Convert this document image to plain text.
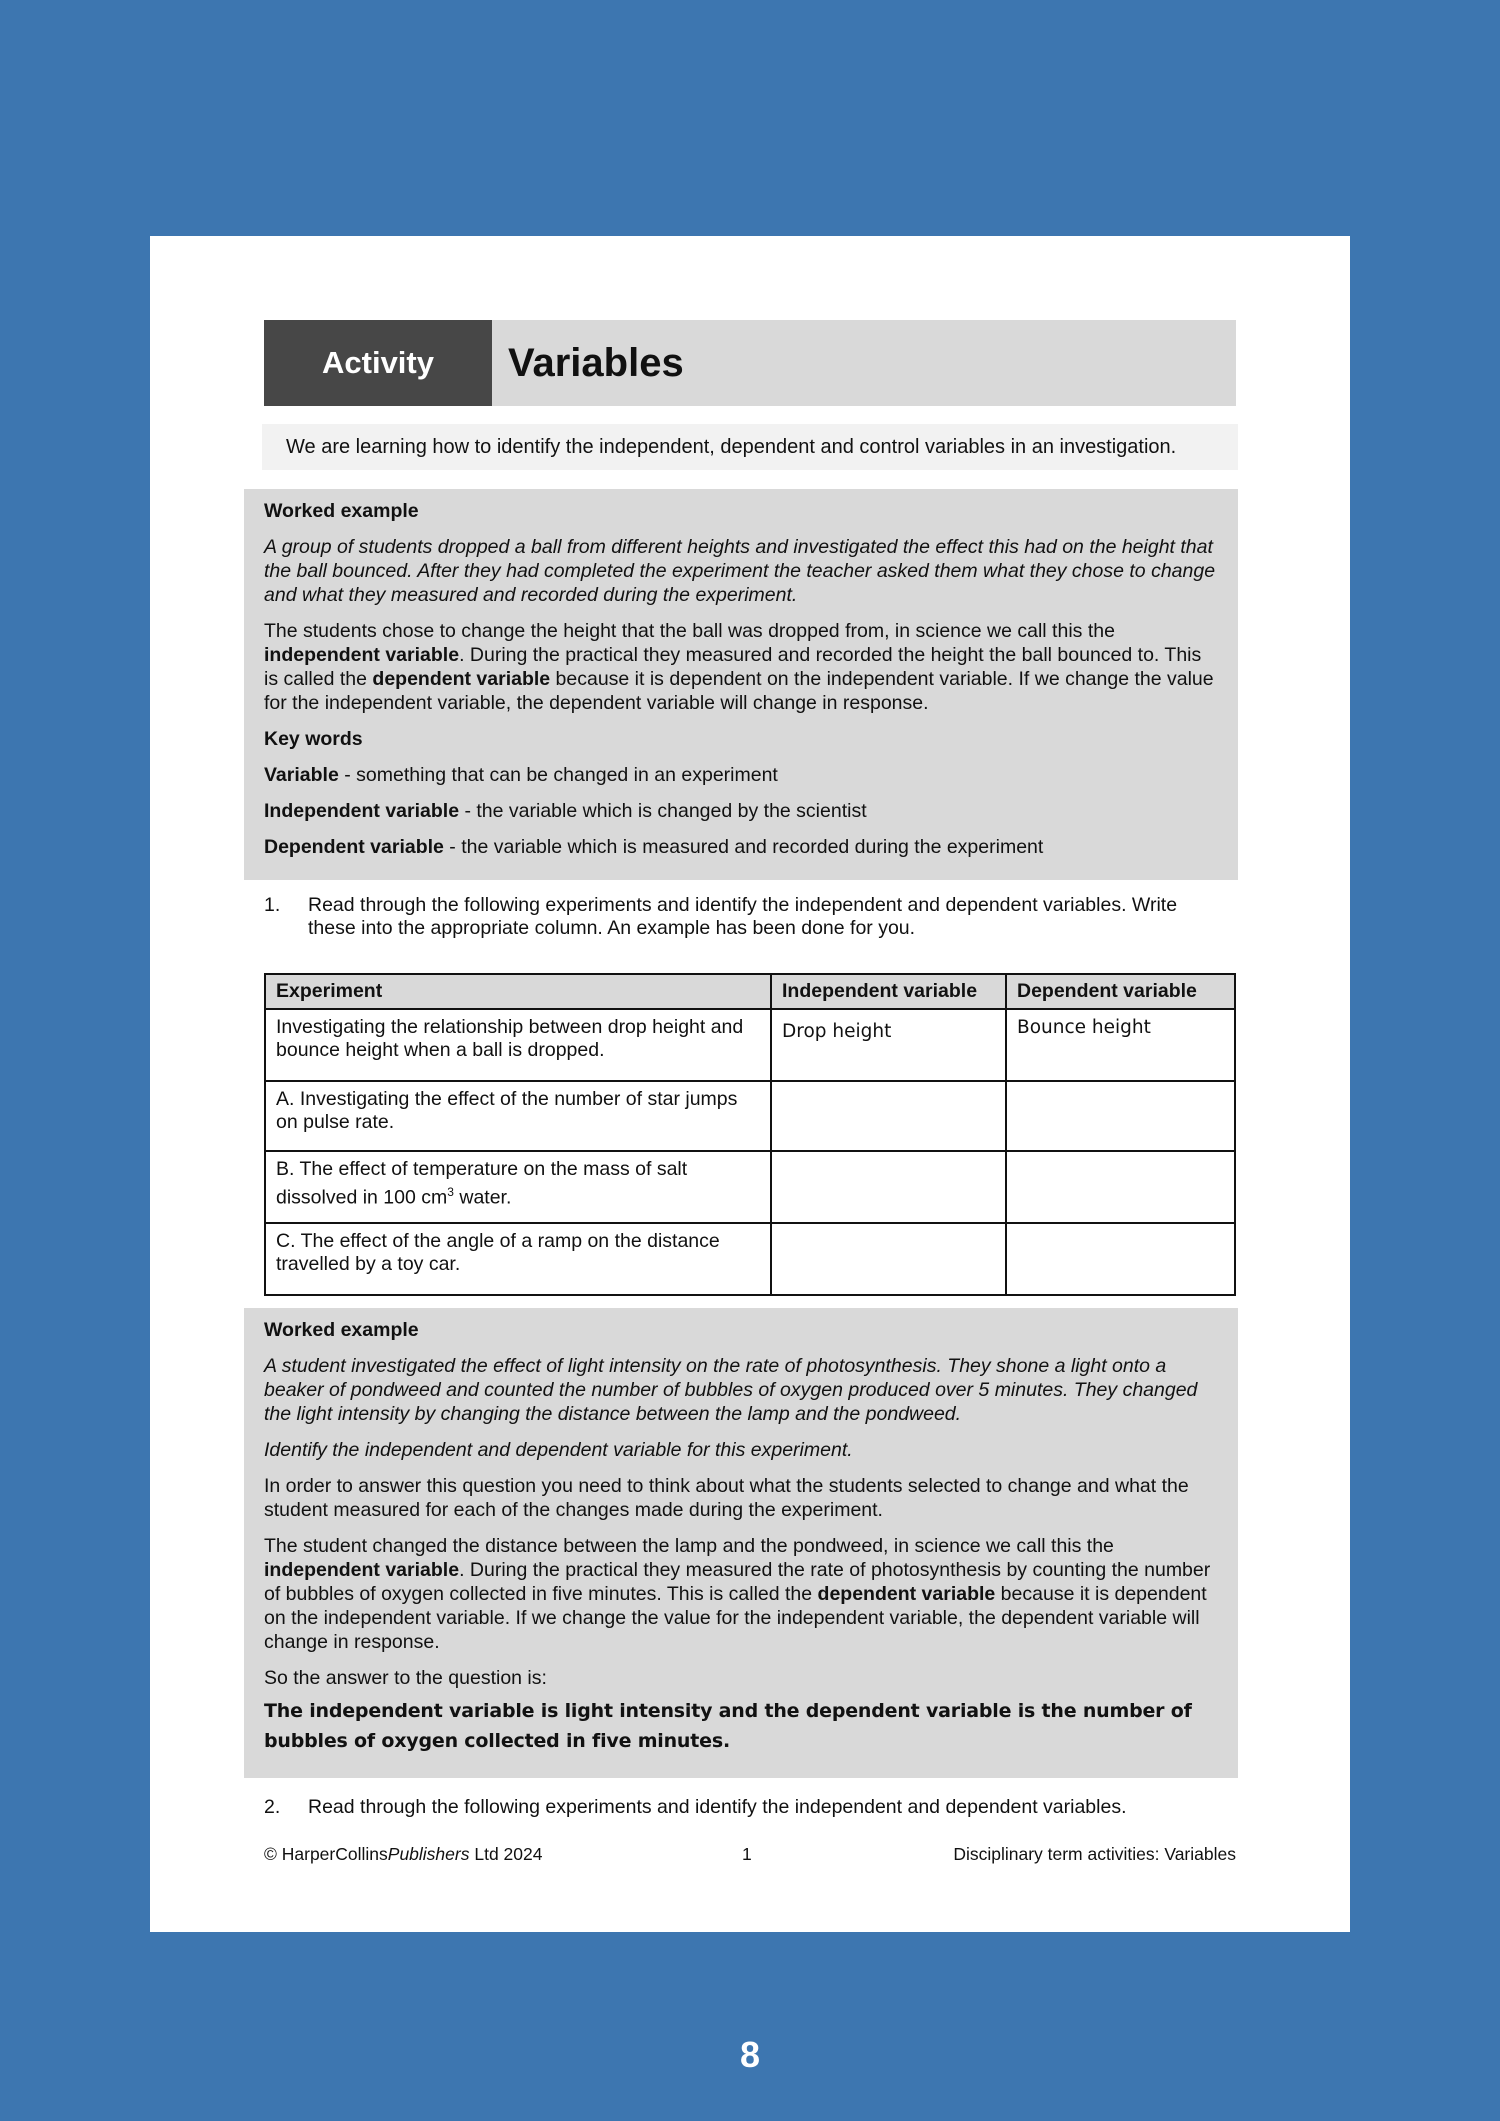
Activity	Variables
We are learning how to identify the independent, dependent and control variables in an investigation.

Worked example

A group of students dropped a ball from different heights and investigated the effect this had on the height that the ball bounced. After they had completed the experiment the teacher asked them what they chose to change and what they measured and recorded during the experiment.

The students chose to change the height that the ball was dropped from, in science we call this the independent variable. During the practical they measured and recorded the height the ball bounced to. This is called the dependent variable because it is dependent on the independent variable. If we change the value for the independent variable, the dependent variable will change in response.

Key words

Variable - something that can be changed in an experiment

Independent variable - the variable which is changed by the scientist

Dependent variable - the variable which is measured and recorded during the experiment

1.	Read through the following experiments and identify the independent and dependent variables. Write these into the appropriate column. An example has been done for you.
Experiment	Independent variable	Dependent variable
Investigating the relationship between drop height and bounce height when a ball is dropped.	Drop height	Bounce height
A. Investigating the effect of the number of star jumps on pulse rate.		
B. The effect of temperature on the mass of salt dissolved in 100 $cm^3$ water.		
C. The effect of the angle of a ramp on the distance travelled by a toy car.		

Worked example

A student investigated the effect of light intensity on the rate of photosynthesis. They shone a light onto a beaker of pondweed and counted the number of bubbles of oxygen produced over 5 minutes. They changed the light intensity by changing the distance between the lamp and the pondweed.

Identify the independent and dependent variable for this experiment.

In order to answer this question you need to think about what the students selected to change and what the student measured for each of the changes made during the experiment.

The student changed the distance between the lamp and the pondweed, in science we call this the independent variable. During the practical they measured the rate of photosynthesis by counting the number of bubbles of oxygen collected in five minutes. This is called the dependent variable because it is dependent on the independent variable. If we change the value for the independent variable, the dependent variable will change in response.

So the answer to the question is:

The independent variable is light intensity and the dependent variable is the number of bubbles of oxygen collected in five minutes.

2.	Read through the following experiments and identify the independent and dependent variables.
© HarperCollinsPublishers Ltd 2024	1	Disciplinary term activities: Variables
8
